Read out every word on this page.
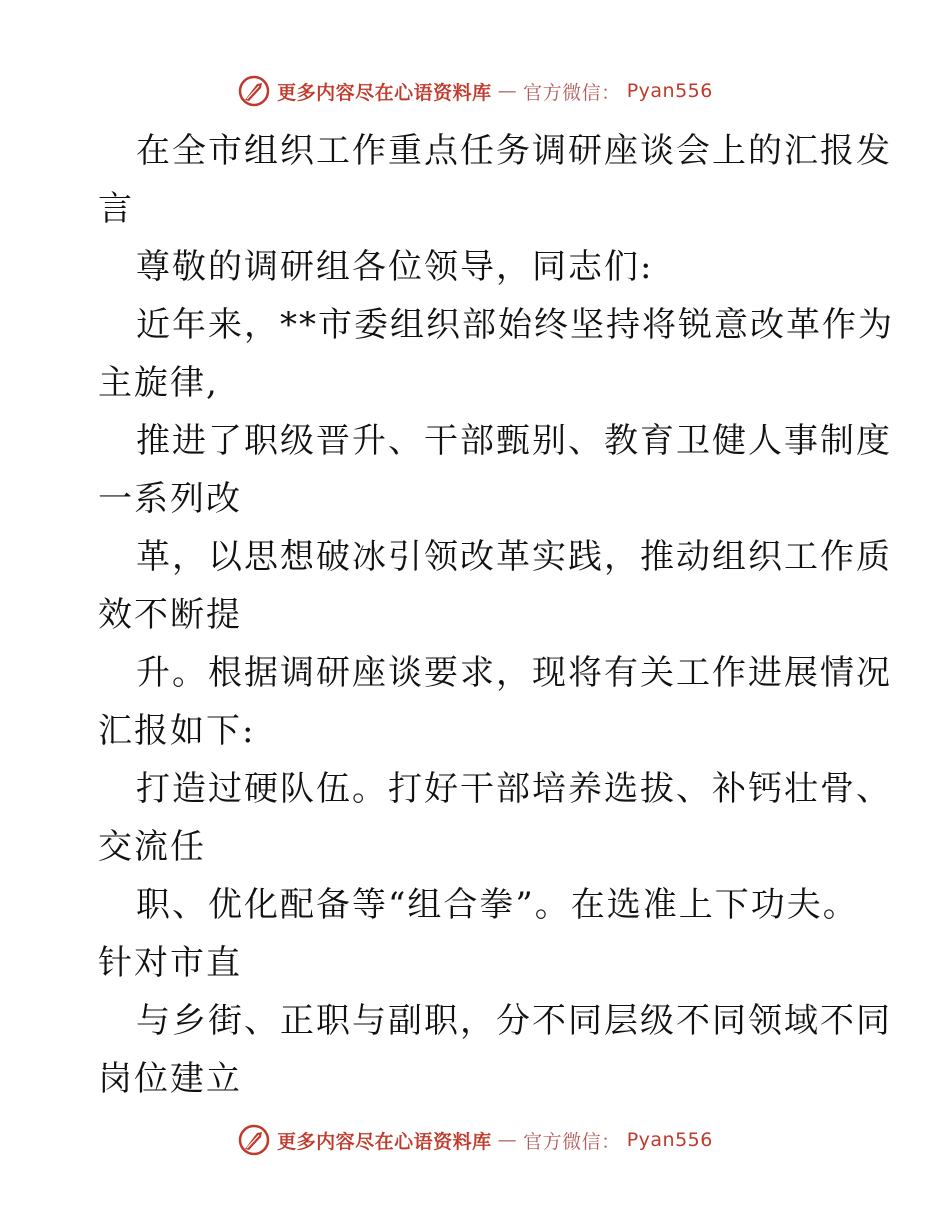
更多内容尽在心语资料库 — 官方微信： Pyan556
在全市组织工作重点任务调研座谈会上的汇报发
言
尊敬的调研组各位领导，同志们:
近年来，**市委组织部始终坚持将锐意改革作为
主旋律,
推进了职级晋升、干部甄别、教育卫健人事制度
一系列改
革，以思想破冰引领改革实践，推动组织工作质
效不断提
升。根据调研座谈要求，现将有关工作进展情况
汇报如下:
打造过硬队伍。打好干部培养选拔、补钙壮骨、
交流任
职、优化配备等“组合拳”。在选准上下功夫。
针对市直
与乡街、正职与副职，分不同层级不同领域不同
岗位建立
更多内容尽在心语资料库 — 官方微信： Pyan556
